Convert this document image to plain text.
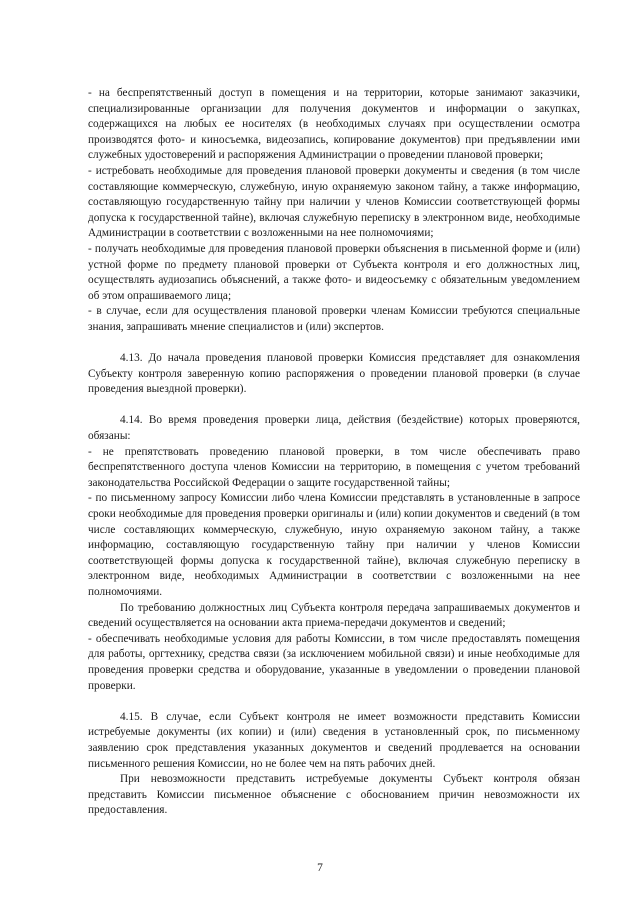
- на беспрепятственный доступ в помещения и на территории, которые занимают заказчики, специализированные организации для получения документов и информации о закупках, содержащихся на любых ее носителях (в необходимых случаях при осуществлении осмотра производятся фото- и киносъемка, видеозапись, копирование документов) при предъявлении ими служебных удостоверений и распоряжения Администрации о проведении плановой проверки;

- истребовать необходимые для проведения плановой проверки документы и сведения (в том числе составляющие коммерческую, служебную, иную охраняемую законом тайну, а также информацию, составляющую государственную тайну при наличии у членов Комиссии соответствующей формы допуска к государственной тайне), включая служебную переписку в электронном виде, необходимые Администрации в соответствии с возложенными на нее полномочиями;

- получать необходимые для проведения плановой проверки объяснения в письменной форме и (или) устной форме по предмету плановой проверки от Субъекта контроля и его должностных лиц, осуществлять аудиозапись объяснений, а также фото- и видеосъемку с обязательным уведомлением об этом опрашиваемого лица;

- в случае, если для осуществления плановой проверки членам Комиссии требуются специальные знания, запрашивать мнение специалистов и (или) экспертов.

4.13. До начала проведения плановой проверки Комиссия представляет для ознакомления Субъекту контроля заверенную копию распоряжения о проведении плановой проверки (в случае проведения выездной проверки).

4.14. Во время проведения проверки лица, действия (бездействие) которых проверяются, обязаны:

- не препятствовать проведению плановой проверки, в том числе обеспечивать право беспрепятственного доступа членов Комиссии на территорию, в помещения с учетом требований законодательства Российской Федерации о защите государственной тайны;

- по письменному запросу Комиссии либо члена Комиссии представлять в установленные в запросе сроки необходимые для проведения проверки оригиналы и (или) копии документов и сведений (в том числе составляющих коммерческую, служебную, иную охраняемую законом тайну, а также информацию, составляющую государственную тайну при наличии у членов Комиссии соответствующей формы допуска к государственной тайне), включая служебную переписку в электронном виде, необходимых Администрации в соответствии с возложенными на нее полномочиями.

По требованию должностных лиц Субъекта контроля передача запрашиваемых документов и сведений осуществляется на основании акта приема-передачи документов и сведений;

- обеспечивать необходимые условия для работы Комиссии, в том числе предоставлять помещения для работы, оргтехнику, средства связи (за исключением мобильной связи) и иные необходимые для проведения проверки средства и оборудование, указанные в уведомлении о проведении плановой проверки.

4.15. В случае, если Субъект контроля не имеет возможности представить Комиссии истребуемые документы (их копии) и (или) сведения в установленный срок, по письменному заявлению срок представления указанных документов и сведений продлевается на основании письменного решения Комиссии, но не более чем на пять рабочих дней.

При невозможности представить истребуемые документы Субъект контроля обязан представить Комиссии письменное объяснение с обоснованием причин невозможности их предоставления.

7
